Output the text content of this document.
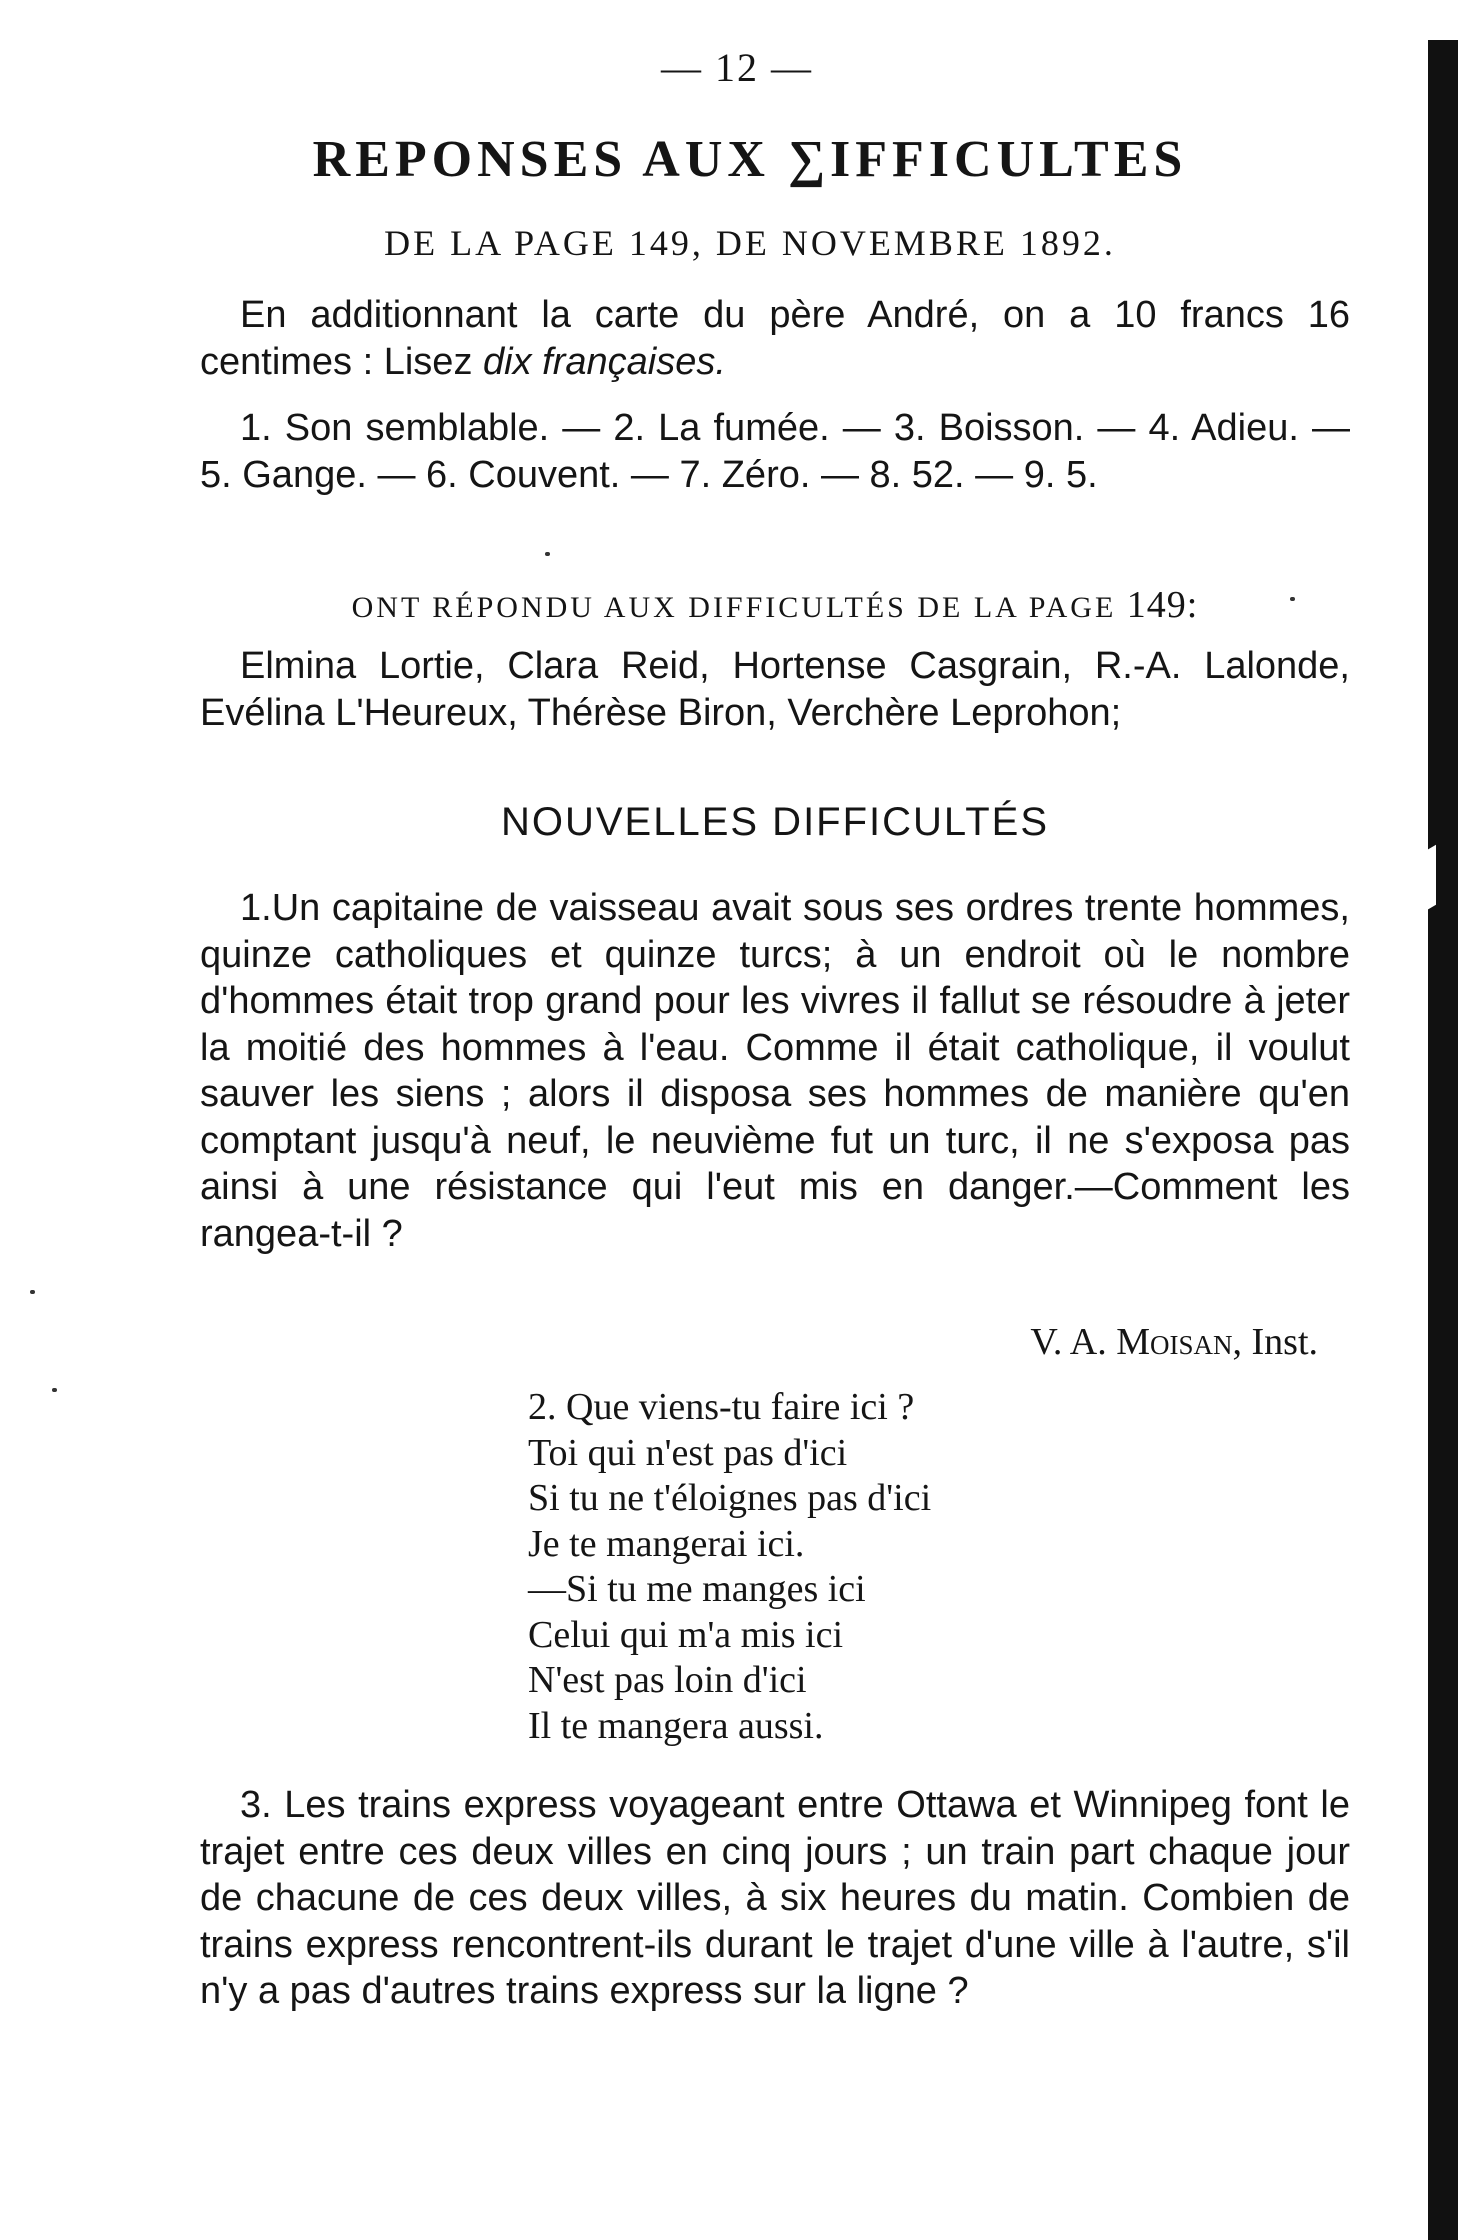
— 12 —
REPONSES AUX ∑IFFICULTES
DE LA PAGE 149, DE NOVEMBRE 1892.

En additionnant la carte du père André, on a 10 francs 16 centimes : Lisez dix françaises.

1. Son semblable. — 2. La fumée. — 3. Boisson. — 4. Adieu. — 5. Gange. — 6. Couvent. — 7. Zéro. — 8. 52. — 9. 5.

ONT RÉPONDU AUX DIFFICULTÉS DE LA PAGE 149:

Elmina Lortie, Clara Reid, Hortense Casgrain, R.-A. Lalonde, Evélina L'Heureux, Thérèse Biron, Verchère Leprohon;

NOUVELLES DIFFICULTÉS

1.Un capitaine de vaisseau avait sous ses ordres trente hommes, quinze catholiques et quinze turcs; à un endroit où le nombre d'hommes était trop grand pour les vivres il fallut se résoudre à jeter la moitié des hommes à l'eau. Comme il était catholique, il voulut sauver les siens ; alors il disposa ses hommes de manière qu'en comptant jusqu'à neuf, le neuvième fut un turc, il ne s'exposa pas ainsi à une résistance qui l'eut mis en danger.—Comment les rangea-t-il ?

V. A. Moisan, Inst.
2. Que viens-tu faire ici ?
Toi qui n'est pas d'ici
Si tu ne t'éloignes pas d'ici
Je te mangerai ici.
—Si tu me manges ici
Celui qui m'a mis ici
N'est pas loin d'ici
Il te mangera aussi.

3. Les trains express voyageant entre Ottawa et Winnipeg font le trajet entre ces deux villes en cinq jours ; un train part chaque jour de chacune de ces deux villes, à six heures du matin. Combien de trains express rencontrent-ils durant le trajet d'une ville à l'autre, s'il n'y a pas d'autres trains express sur la ligne ?
